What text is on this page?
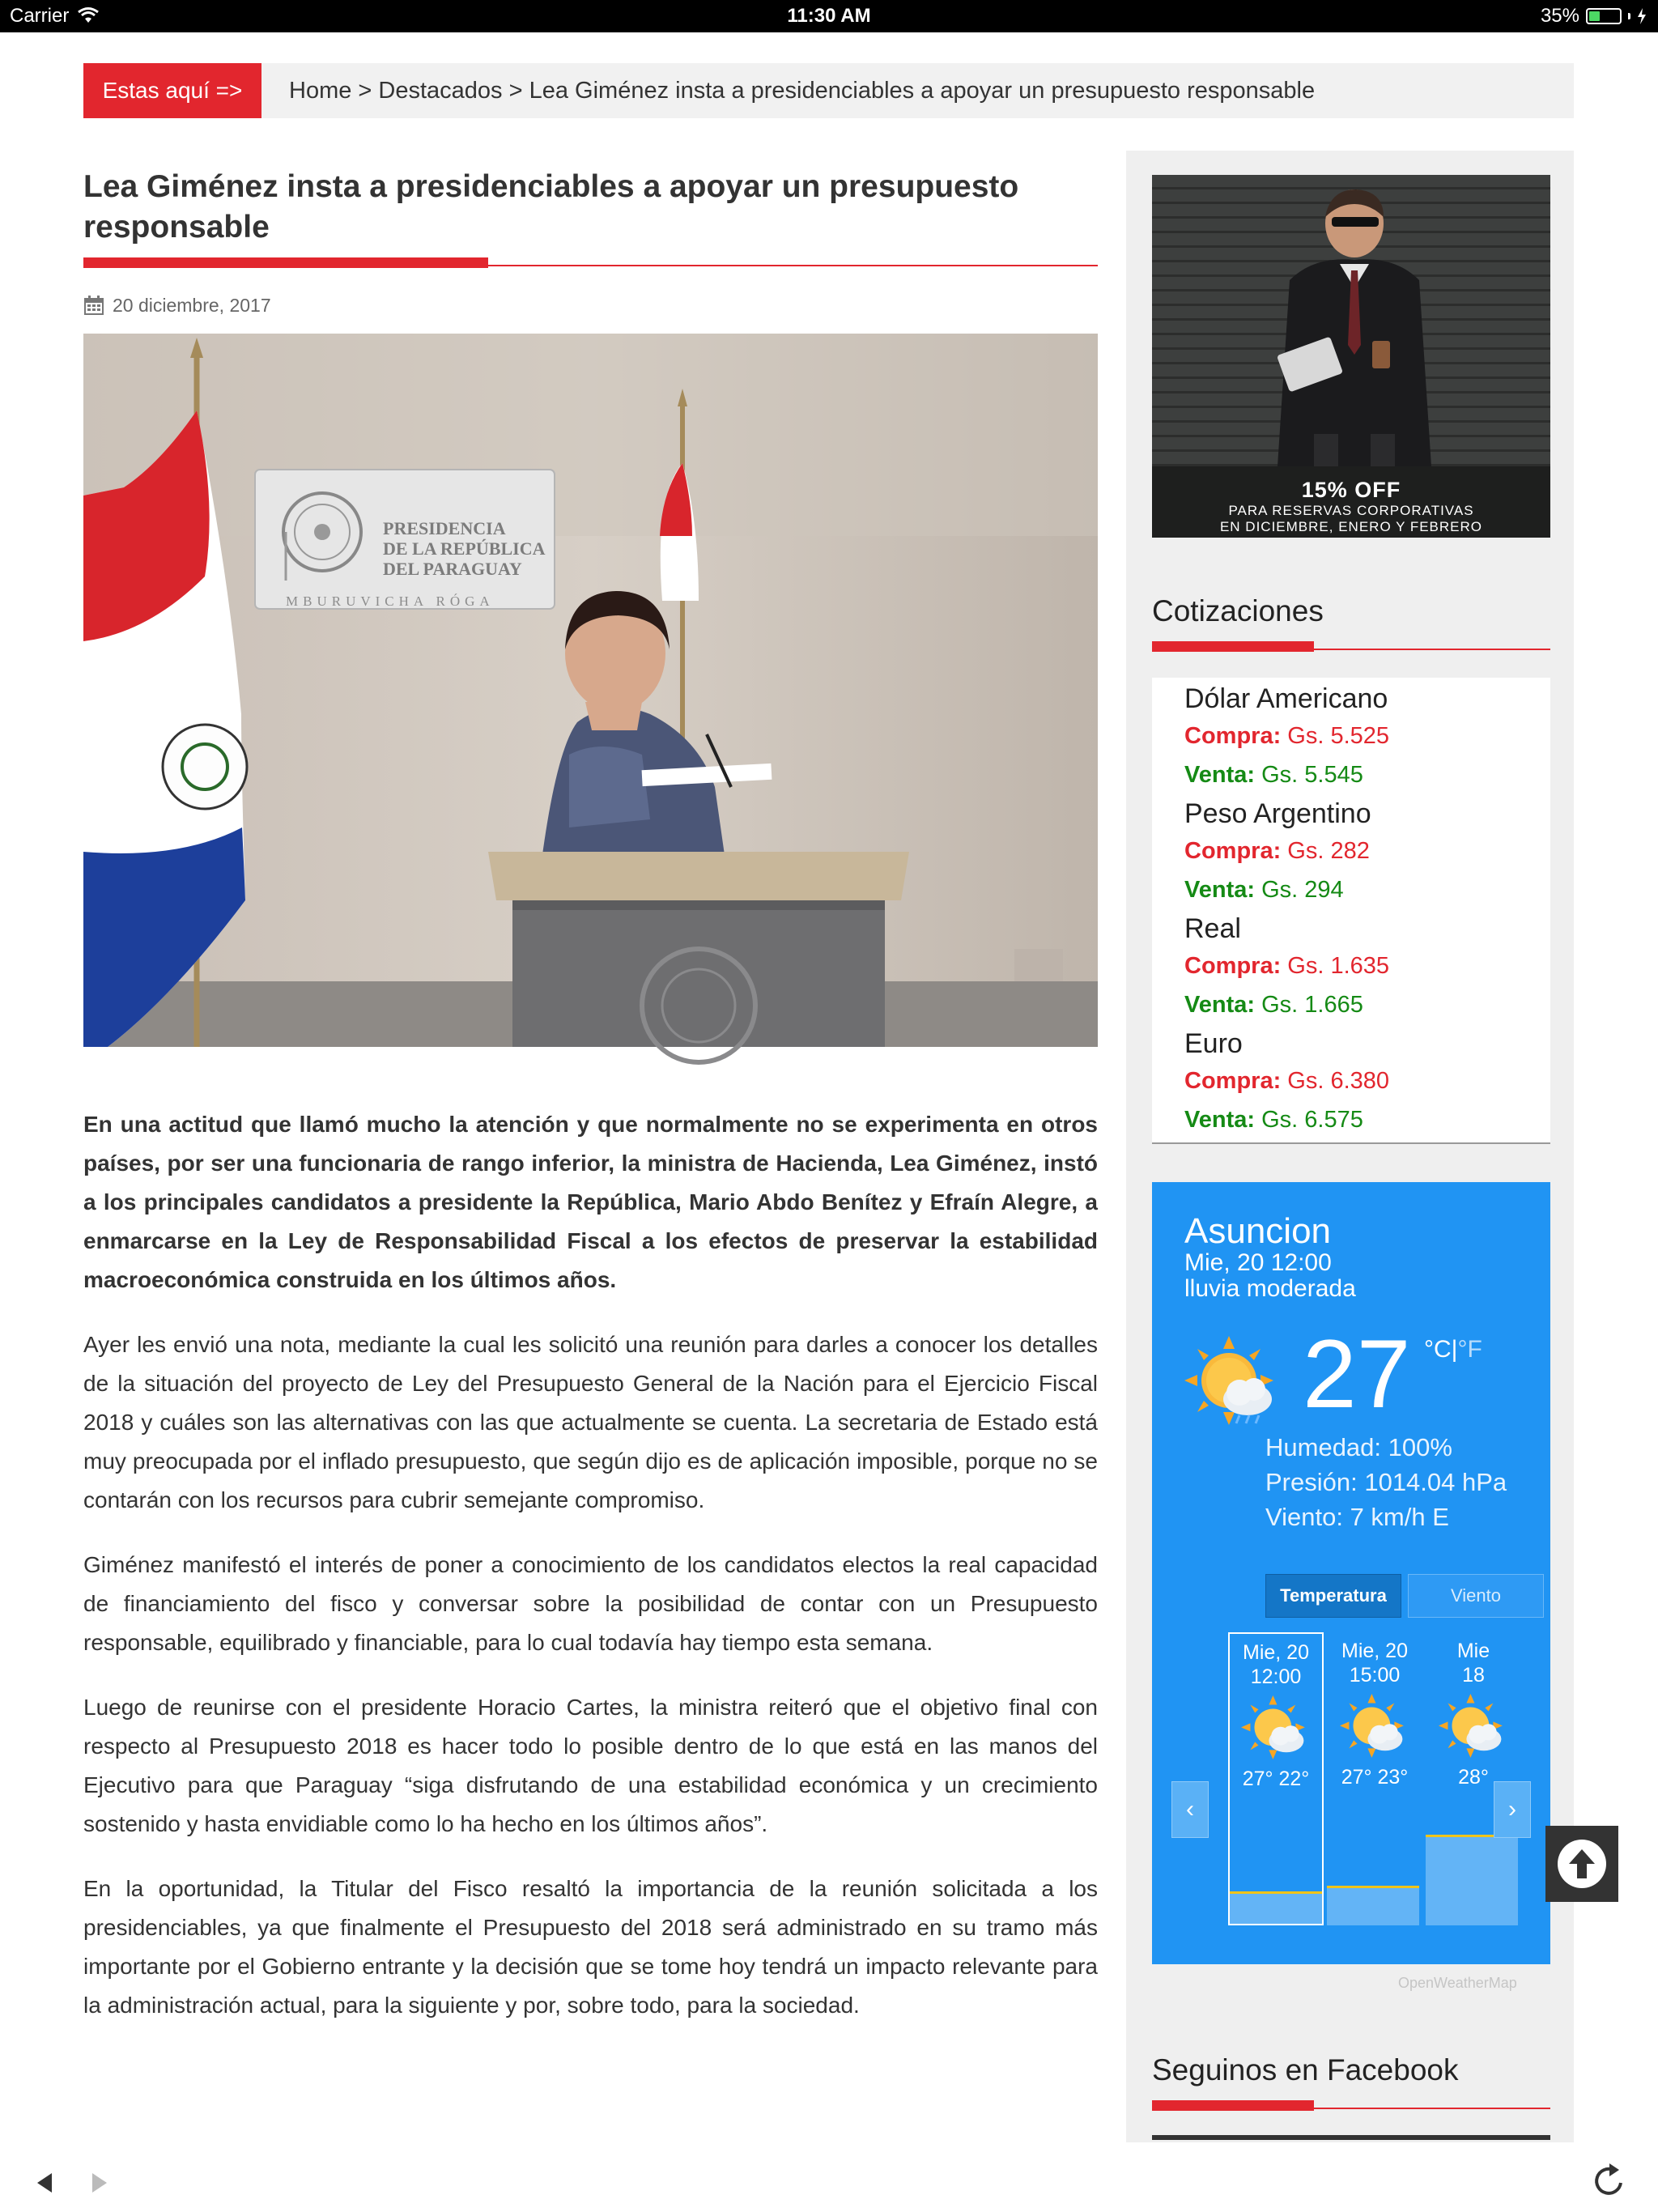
Carrier	11:30 AM	35%
Estas aquí =>	Home > Destacados > Lea Giménez insta a presidenciables a apoyar un presupuesto responsable
Lea Giménez insta a presidenciables a apoyar un presupuesto responsable
20 diciembre, 2017
PRESIDENCIA
DE LA REPÚBLICA
DEL PARAGUAY
MBURUVICHA RÓGA

En una actitud que llamó mucho la atención y que normalmente no se experimenta en otros países, por ser una funcionaria de rango inferior, la ministra de Hacienda, Lea Giménez, instó a los principales candidatos a presidente la República, Mario Abdo Benítez y Efraín Alegre, a enmarcarse en la Ley de Responsabilidad Fiscal a los efectos de preservar la estabilidad macroeconómica construida en los últimos años.

Ayer les envió una nota, mediante la cual les solicitó una reunión para darles a conocer los detalles de la situación del proyecto de Ley del Presupuesto General de la Nación para el Ejercicio Fiscal 2018 y cuáles son las alternativas con las que actualmente se cuenta. La secretaria de Estado está muy preocupada por el inflado presupuesto, que según dijo es de aplicación imposible, porque no se contarán con los recursos para cubrir semejante compromiso.

Giménez manifestó el interés de poner a conocimiento de los candidatos electos la real capacidad de financiamiento del fisco y conversar sobre la posibilidad de contar con un Presupuesto responsable, equilibrado y financiable, para lo cual todavía hay tiempo esta semana.

Luego de reunirse con el presidente Horacio Cartes, la ministra reiteró que el objetivo final con respecto al Presupuesto 2018 es hacer todo lo posible dentro de lo que está en las manos del Ejecutivo para que Paraguay “siga disfrutando de una estabilidad económica y un crecimiento sostenido y hasta envidiable como lo ha hecho en los últimos años”.

En la oportunidad, la Titular del Fisco resaltó la importancia de la reunión solicitada a los presidenciables, ya que finalmente el Presupuesto del 2018 será administrado en su tramo más importante por el Gobierno entrante y la decisión que se tome hoy tendrá un impacto relevante para la administración actual, para la siguiente y por, sobre todo, para la sociedad.

15% OFF
PARA RESERVAS CORPORATIVAS
EN DICIEMBRE, ENERO Y FEBRERO
Cotizaciones
Dólar Americano
Compra: Gs. 5.525
Venta: Gs. 5.545
Peso Argentino
Compra: Gs. 282
Venta: Gs. 294
Real
Compra: Gs. 1.635
Venta: Gs. 1.665
Euro
Compra: Gs. 6.380
Venta: Gs. 6.575
Asuncion
Mie, 20 12:00
lluvia moderada
27 °C|°F
Humedad: 100%
Presión: 1014.04 hPa
Viento: 7 km/h E
Temperatura	Viento
‹
Mie, 20
12:00
27° 22°
Mie, 20
15:00
27° 23°
Mie
18
28°
›
OpenWeatherMap
Seguinos en Facebook
